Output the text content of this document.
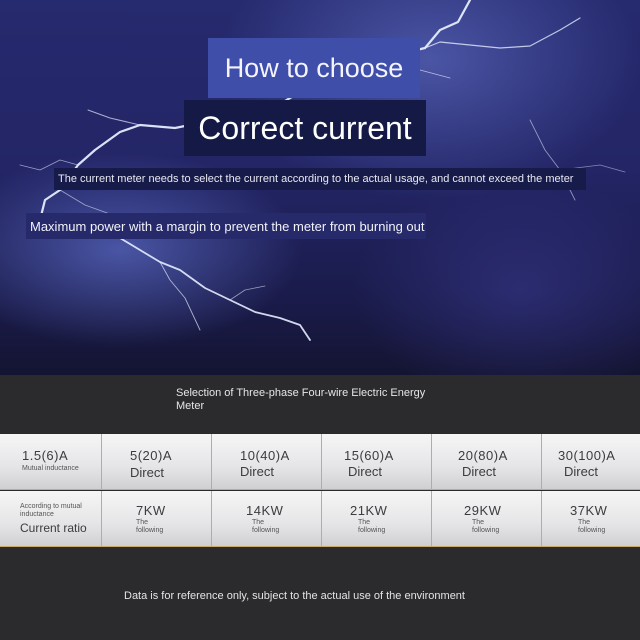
How to choose
Correct current
The current meter needs to select the current according to the actual usage, and cannot exceed the meter
Maximum power with a margin to prevent the meter from burning out
Selection of Three-phase Four-wire Electric Energy Meter
1.5(6)A
Mutual inductance
5(20)A
Direct
10(40)A
Direct
15(60)A
Direct
20(80)A
Direct
30(100)A
Direct
According to mutual inductance
Current ratio
7KW
The following
14KW
The following
21KW
The following
29KW
The following
37KW
The following
Data is for reference only, subject to the actual use of the environment
